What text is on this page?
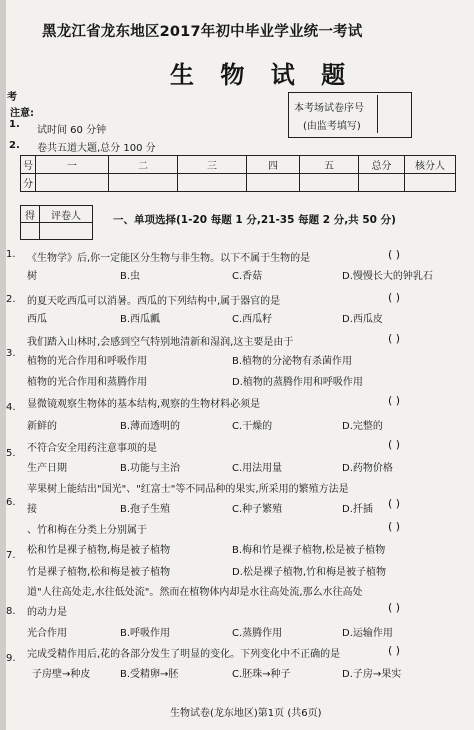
黑龙江省龙东地区2017年初中毕业学业统一考试
生 物 试 题
考
注意:
1.
2.
试时间 60 分钟
卷共五道大题,总分 100 分
本考场试卷序号
(由监考填写)
号	一	二	三	四	五	总分	核分人
分							
得	评卷人
		一、单项选择(1-20 每题 1 分,21-35 每题 2 分,共 50 分)
1. 《生物学》后,你一定能区分生物与非生物。以下不属于生物的是	( )
树	B.虫	C.香菇	D.慢慢长大的钟乳石
2. 的夏天吃西瓜可以消暑。西瓜的下列结构中,属于器官的是	( )
西瓜	B.西瓜瓤	C.西瓜籽	D.西瓜皮
3.
我们踏入山林时,会感到空气特别地清新和湿润,这主要是由于	( )
植物的光合作用和呼吸作用	B.植物的分泌物有杀菌作用
植物的光合作用和蒸腾作用	D.植物的蒸腾作用和呼吸作用
4. 显微镜观察生物体的基本结构,观察的生物材料必须是	( )
新鲜的	B.薄而透明的	C.干燥的	D.完整的
5. 不符合安全用药注意事项的是	( )
生产日期	B.功能与主治	C.用法用量	D.药物价格
6.
苹果树上能结出"国光"、"红富士"等不同品种的果实,所采用的繁殖方法是
( )
接	B.孢子生殖	C.种子繁殖	D.扦插
7.
、竹和梅在分类上分别属于	( )
松和竹是裸子植物,梅是被子植物	B.梅和竹是裸子植物,松是被子植物
竹是裸子植物,松和梅是被子植物	D.松是裸子植物,竹和梅是被子植物
8.
道"人往高处走,水往低处流"。然而在植物体内却是水往高处流,那么水往高处
的动力是	( )
光合作用	B.呼吸作用	C.蒸腾作用	D.运输作用
9. 完成受精作用后,花的各部分发生了明显的变化。下列变化中不正确的是	( )
子房壁→种皮	B.受精卵→胚	C.胚珠→种子	D.子房→果实
生物试卷(龙东地区)第1页 (共6页)
